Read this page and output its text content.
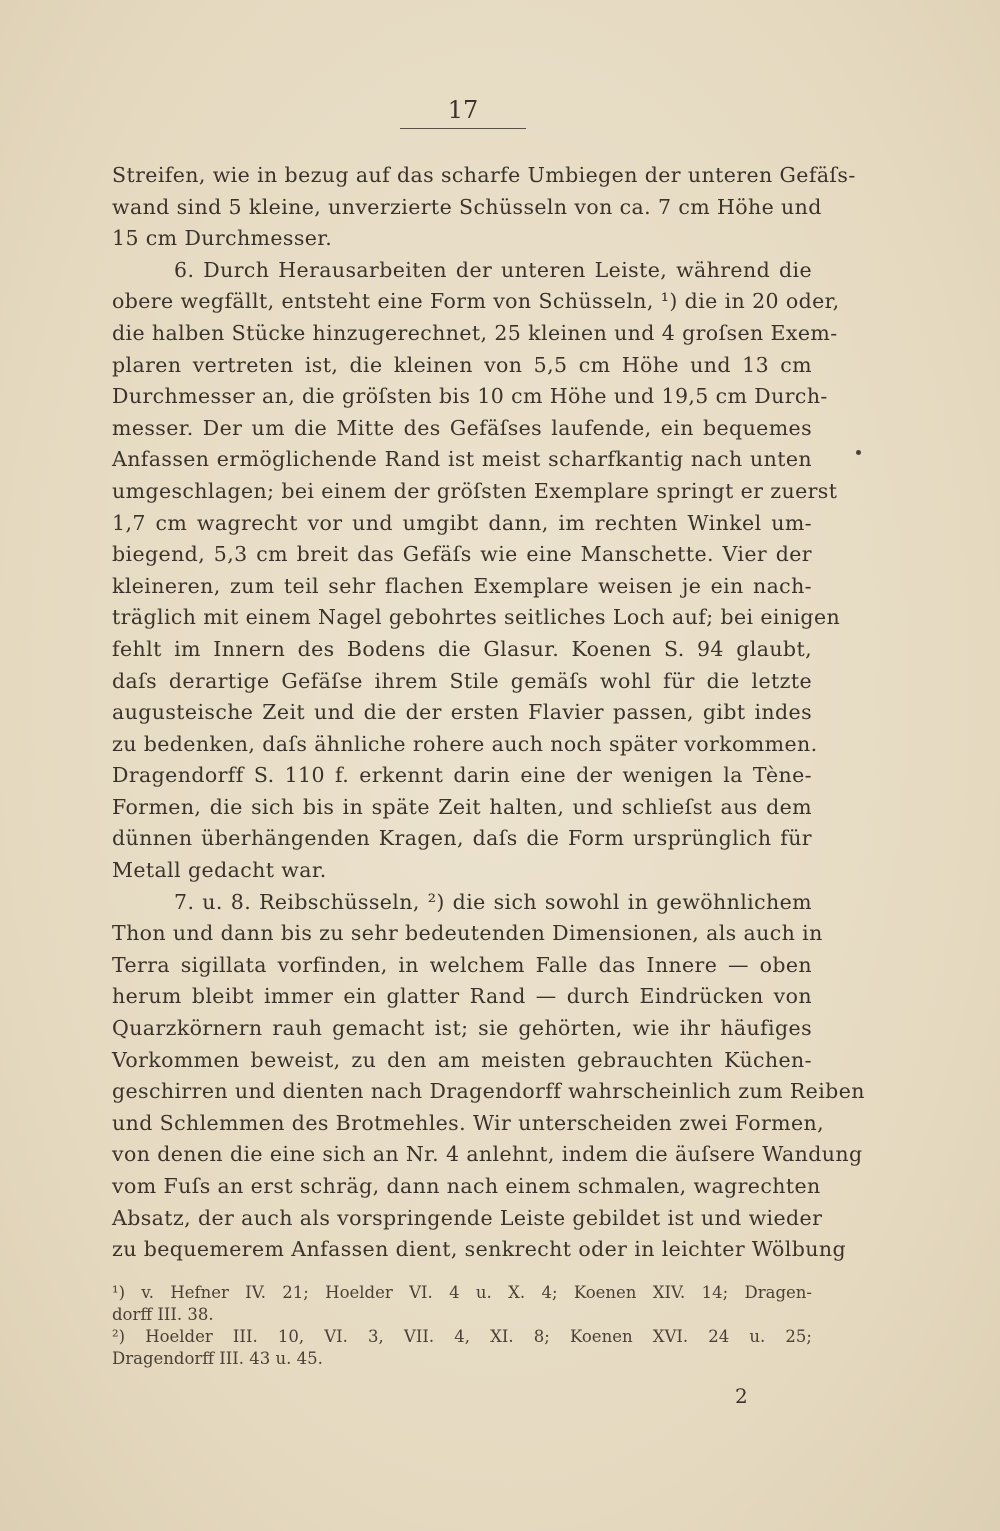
17
Streifen, wie in bezug auf das scharfe Umbiegen der unteren Gefäſs-
wand sind 5 kleine, unverzierte Schüsseln von ca. 7 cm Höhe und
15 cm Durchmesser.
6. Durch Herausarbeiten der unteren Leiste, während die
obere wegfällt, entsteht eine Form von Schüsseln, ¹) die in 20 oder,
die halben Stücke hinzugerechnet, 25 kleinen und 4 groſsen Exem-
plaren vertreten ist, die kleinen von 5,5 cm Höhe und 13 cm
Durchmesser an, die gröſsten bis 10 cm Höhe und 19,5 cm Durch-
messer. Der um die Mitte des Gefäſses laufende, ein bequemes
Anfassen ermöglichende Rand ist meist scharfkantig nach unten
umgeschlagen; bei einem der gröſsten Exemplare springt er zuerst
1,7 cm wagrecht vor und umgibt dann, im rechten Winkel um-
biegend, 5,3 cm breit das Gefäſs wie eine Manschette. Vier der
kleineren, zum teil sehr flachen Exemplare weisen je ein nach-
träglich mit einem Nagel gebohrtes seitliches Loch auf; bei einigen
fehlt im Innern des Bodens die Glasur. Koenen S. 94 glaubt,
daſs derartige Gefäſse ihrem Stile gemäſs wohl für die letzte
augusteische Zeit und die der ersten Flavier passen, gibt indes
zu bedenken, daſs ähnliche rohere auch noch später vorkommen.
Dragendorff S. 110 f. erkennt darin eine der wenigen la Tène-
Formen, die sich bis in späte Zeit halten, und schlieſst aus dem
dünnen überhängenden Kragen, daſs die Form ursprünglich für
Metall gedacht war.
7. u. 8. Reibschüsseln, ²) die sich sowohl in gewöhnlichem
Thon und dann bis zu sehr bedeutenden Dimensionen, als auch in
Terra sigillata vorfinden, in welchem Falle das Innere — oben
herum bleibt immer ein glatter Rand — durch Eindrücken von
Quarzkörnern rauh gemacht ist; sie gehörten, wie ihr häufiges
Vorkommen beweist, zu den am meisten gebrauchten Küchen-
geschirren und dienten nach Dragendorff wahrscheinlich zum Reiben
und Schlemmen des Brotmehles. Wir unterscheiden zwei Formen,
von denen die eine sich an Nr. 4 anlehnt, indem die äuſsere Wandung
vom Fuſs an erst schräg, dann nach einem schmalen, wagrechten
Absatz, der auch als vorspringende Leiste gebildet ist und wieder
zu bequemerem Anfassen dient, senkrecht oder in leichter Wölbung
¹) v. Hefner IV. 21; Hoelder VI. 4 u. X. 4; Koenen XIV. 14; Dragen-
dorff III. 38.
²) Hoelder III. 10, VI. 3, VII. 4, XI. 8; Koenen XVI. 24 u. 25;
Dragendorff III. 43 u. 45.
2
